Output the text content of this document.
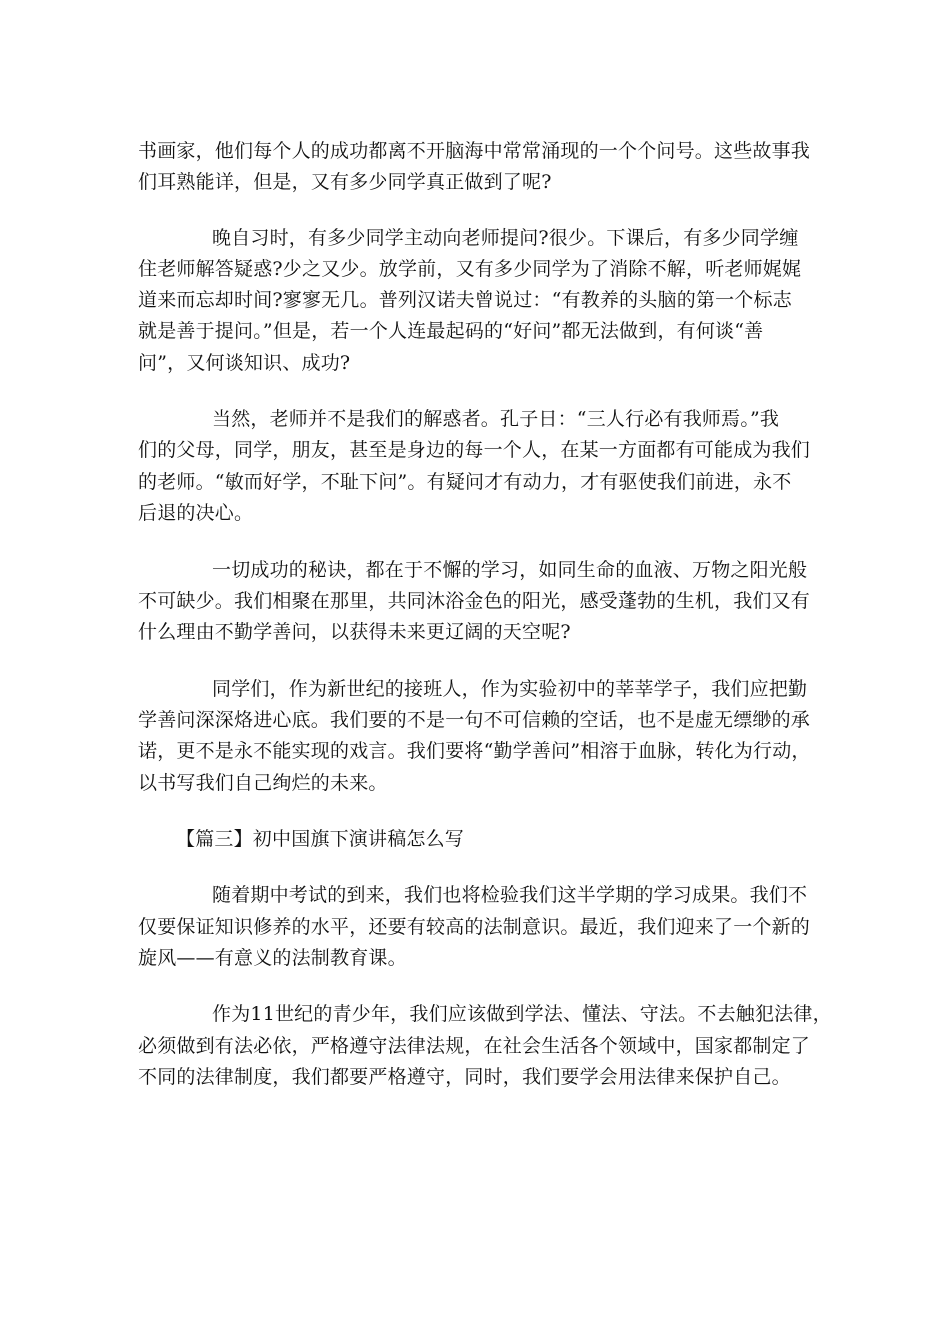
书画家，他们每个人的成功都离不开脑海中常常涌现的一个个问号。这些故事我
们耳熟能详，但是，又有多少同学真正做到了呢?
晚自习时，有多少同学主动向老师提问?很少。下课后，有多少同学缠
住老师解答疑惑?少之又少。放学前，又有多少同学为了消除不解，听老师娓娓
道来而忘却时间?寥寥无几。普列汉诺夫曾说过：“有教养的头脑的第一个标志
就是善于提问。”但是，若一个人连最起码的“好问”都无法做到，有何谈“善
问”，又何谈知识、成功?
当然，老师并不是我们的解惑者。孔子日：“三人行必有我师焉。”我
们的父母，同学，朋友，甚至是身边的每一个人，在某一方面都有可能成为我们
的老师。“敏而好学，不耻下问”。有疑问才有动力，才有驱使我们前进，永不
后退的决心。
一切成功的秘诀，都在于不懈的学习，如同生命的血液、万物之阳光般
不可缺少。我们相聚在那里，共同沐浴金色的阳光，感受蓬勃的生机，我们又有
什么理由不勤学善问，以获得未来更辽阔的天空呢?
同学们，作为新世纪的接班人，作为实验初中的莘莘学子，我们应把勤
学善问深深烙进心底。我们要的不是一句不可信赖的空话，也不是虚无缥缈的承
诺，更不是永不能实现的戏言。我们要将“勤学善问”相溶于血脉，转化为行动，
以书写我们自己绚烂的未来。
【篇三】初中国旗下演讲稿怎么写
随着期中考试的到来，我们也将检验我们这半学期的学习成果。我们不
仅要保证知识修养的水平，还要有较高的法制意识。最近，我们迎来了一个新的
旋风——有意义的法制教育课。
作为11世纪的青少年，我们应该做到学法、懂法、守法。不去触犯法律，
必须做到有法必依，严格遵守法律法规，在社会生活各个领域中，国家都制定了
不同的法律制度，我们都要严格遵守，同时，我们要学会用法律来保护自己。
